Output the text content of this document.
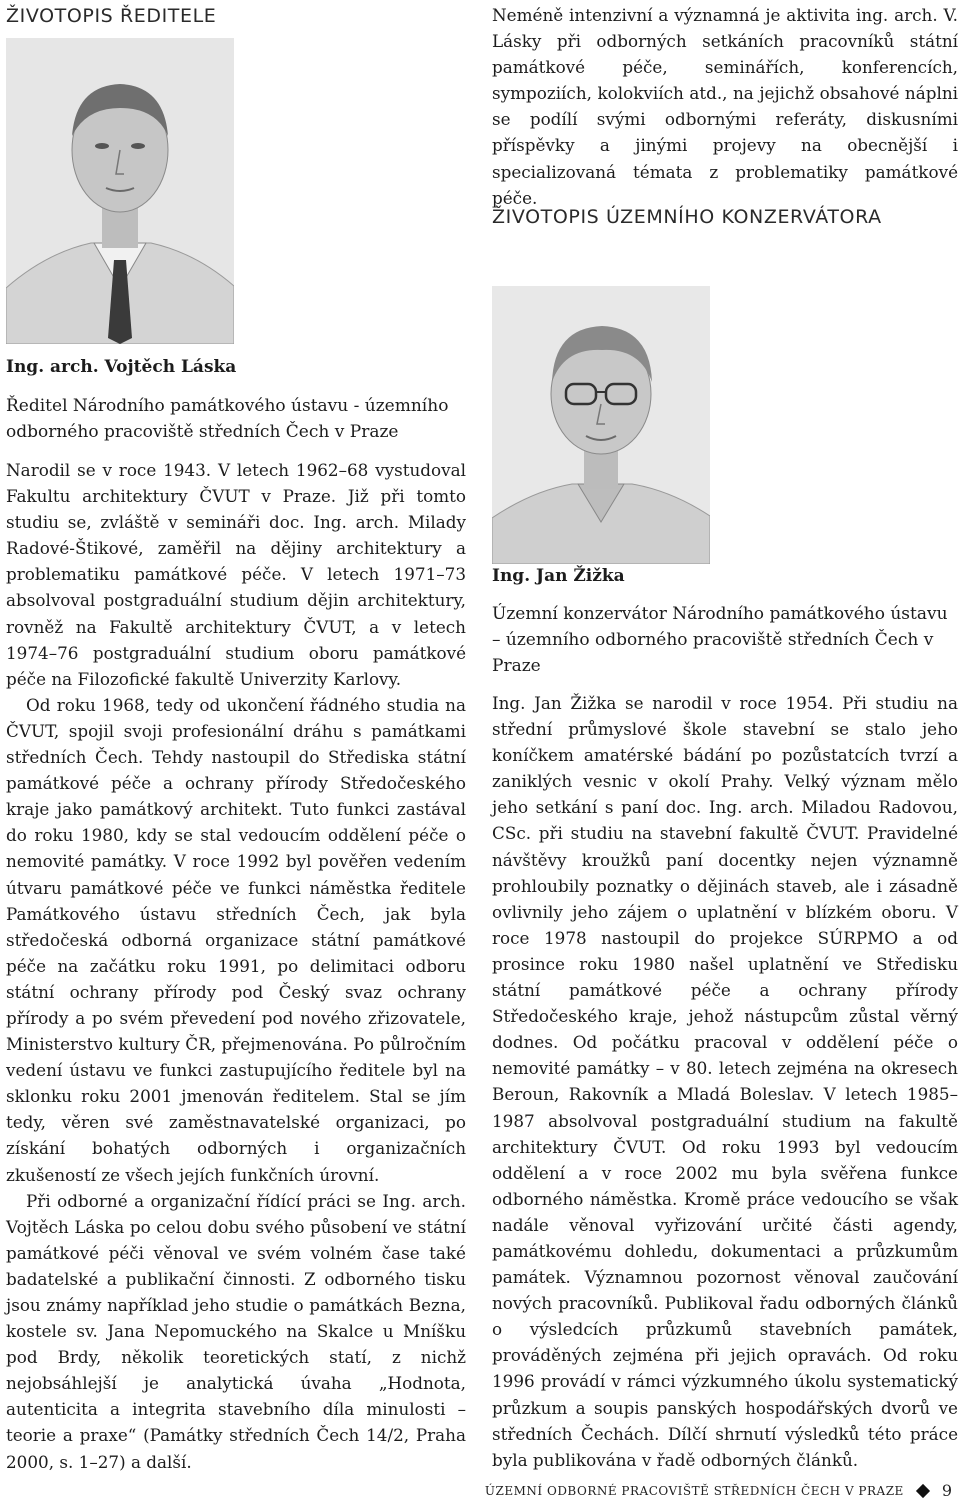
ŽIVOTOPIS ŘEDITELE
Ing. arch. Vojtěch Láska

Ředitel Národního památkového ústavu - územního odborného pracoviště středních Čech v Praze

Narodil se v roce 1943. V letech 1962–68 vystudoval Fakultu architektury ČVUT v Praze. Již při tomto studiu se, zvláště v semináři doc. Ing. arch. Milady Radové-Štikové, zaměřil na dějiny architektury a problematiku památkové péče. V letech 1971–73 absolvoval postgraduální studium dějin architektury, rovněž na Fakultě architektury ČVUT, a v letech 1974–76 postgraduální studium oboru památkové péče na Filozofické fakultě Univerzity Karlovy.

Od roku 1968, tedy od ukončení řádného studia na ČVUT, spojil svoji profesionální dráhu s památkami středních Čech. Tehdy nastoupil do Střediska státní památkové péče a ochrany přírody Středočeského kraje jako památkový architekt. Tuto funkci zastával do roku 1980, kdy se stal vedoucím oddělení péče o nemovité památky. V roce 1992 byl pověřen vedením útvaru památkové péče ve funkci náměstka ředitele Památkového ústavu středních Čech, jak byla středočeská odborná organizace státní památkové péče na začátku roku 1991, po delimitaci odboru státní ochrany přírody pod Český svaz ochrany přírody a po svém převedení pod nového zřizovatele, Ministerstvo kultury ČR, přejmenována. Po půlročním vedení ústavu ve funkci zastupujícího ředitele byl na sklonku roku 2001 jmenován ředitelem. Stal se jím tedy, věren své zaměstnavatelské organizaci, po získání bohatých odborných i organizačních zkušeností ze všech jejích funkčních úrovní.

Při odborné a organizační řídící práci se Ing. arch. Vojtěch Láska po celou dobu svého působení ve státní památkové péči věnoval ve svém volném čase také badatelské a publikační činnosti. Z odborného tisku jsou známy například jeho studie o památkách Bezna, kostele sv. Jana Nepomuckého na Skalce u Mníšku pod Brdy, několik teoretických statí, z nichž nejobsáhlejší je analytická úvaha „Hodnota, autenticita a integrita stavebního díla minulosti – teorie a praxe“ (Památky středních Čech 14/2, Praha 2000, s. 1–27) a další.

Neméně intenzivní a významná je aktivita ing. arch. V. Lásky při odborných setkáních pracovníků státní památkové péče, seminářích, konferencích, sympoziích, kolokviích atd., na jejichž obsahové náplni se podílí svými odbornými referáty, diskusními příspěvky a jinými projevy na obecnější i specializovaná témata z problematiky památkové péče.

ŽIVOTOPIS ÚZEMNÍHO KONZERVÁTORA
Ing. Jan Žižka

Územní konzervátor Národního památkového ústavu – územního odborného pracoviště středních Čech v Praze

Ing. Jan Žižka se narodil v roce 1954. Při studiu na střední průmyslové škole stavební se stalo jeho koníčkem amatérské bádání po pozůstatcích tvrzí a zaniklých vesnic v okolí Prahy. Velký význam mělo jeho setkání s paní doc. Ing. arch. Miladou Radovou, CSc. při studiu na stavební fakultě ČVUT. Pravidelné návštěvy kroužků paní docentky nejen významně prohloubily poznatky o dějinách staveb, ale i zásadně ovlivnily jeho zájem o uplatnění v blízkém oboru. V roce 1978 nastoupil do projekce SÚRPMO a od prosince roku 1980 našel uplatnění ve Středisku státní památkové péče a ochrany přírody Středočeského kraje, jehož nástupcům zůstal věrný dodnes. Od počátku pracoval v oddělení péče o nemovité památky – v 80. letech zejména na okresech Beroun, Rakovník a Mladá Boleslav. V letech 1985–1987 absolvoval postgraduální studium na fakultě architektury ČVUT. Od roku 1993 byl vedoucím oddělení a v roce 2002 mu byla svěřena funkce odborného náměstka. Kromě práce vedoucího se však nadále věnoval vyřizování určité části agendy, památkovému dohledu, dokumentaci a průzkumům památek. Významnou pozornost věnoval zaučování nových pracovníků. Publikoval řadu odborných článků o výsledcích průzkumů stavebních památek, prováděných zejména při jejich opravách. Od roku 1996 provádí v rámci výzkumného úkolu systematický průzkum a soupis panských hospodářských dvorů ve středních Čechách. Dílčí shrnutí výsledků této práce byla publikována v řadě odborných článků.

ÚZEMNÍ ODBORNÉ PRACOVIŠTĚ STŘEDNÍCH ČECH V PRAZE 9
